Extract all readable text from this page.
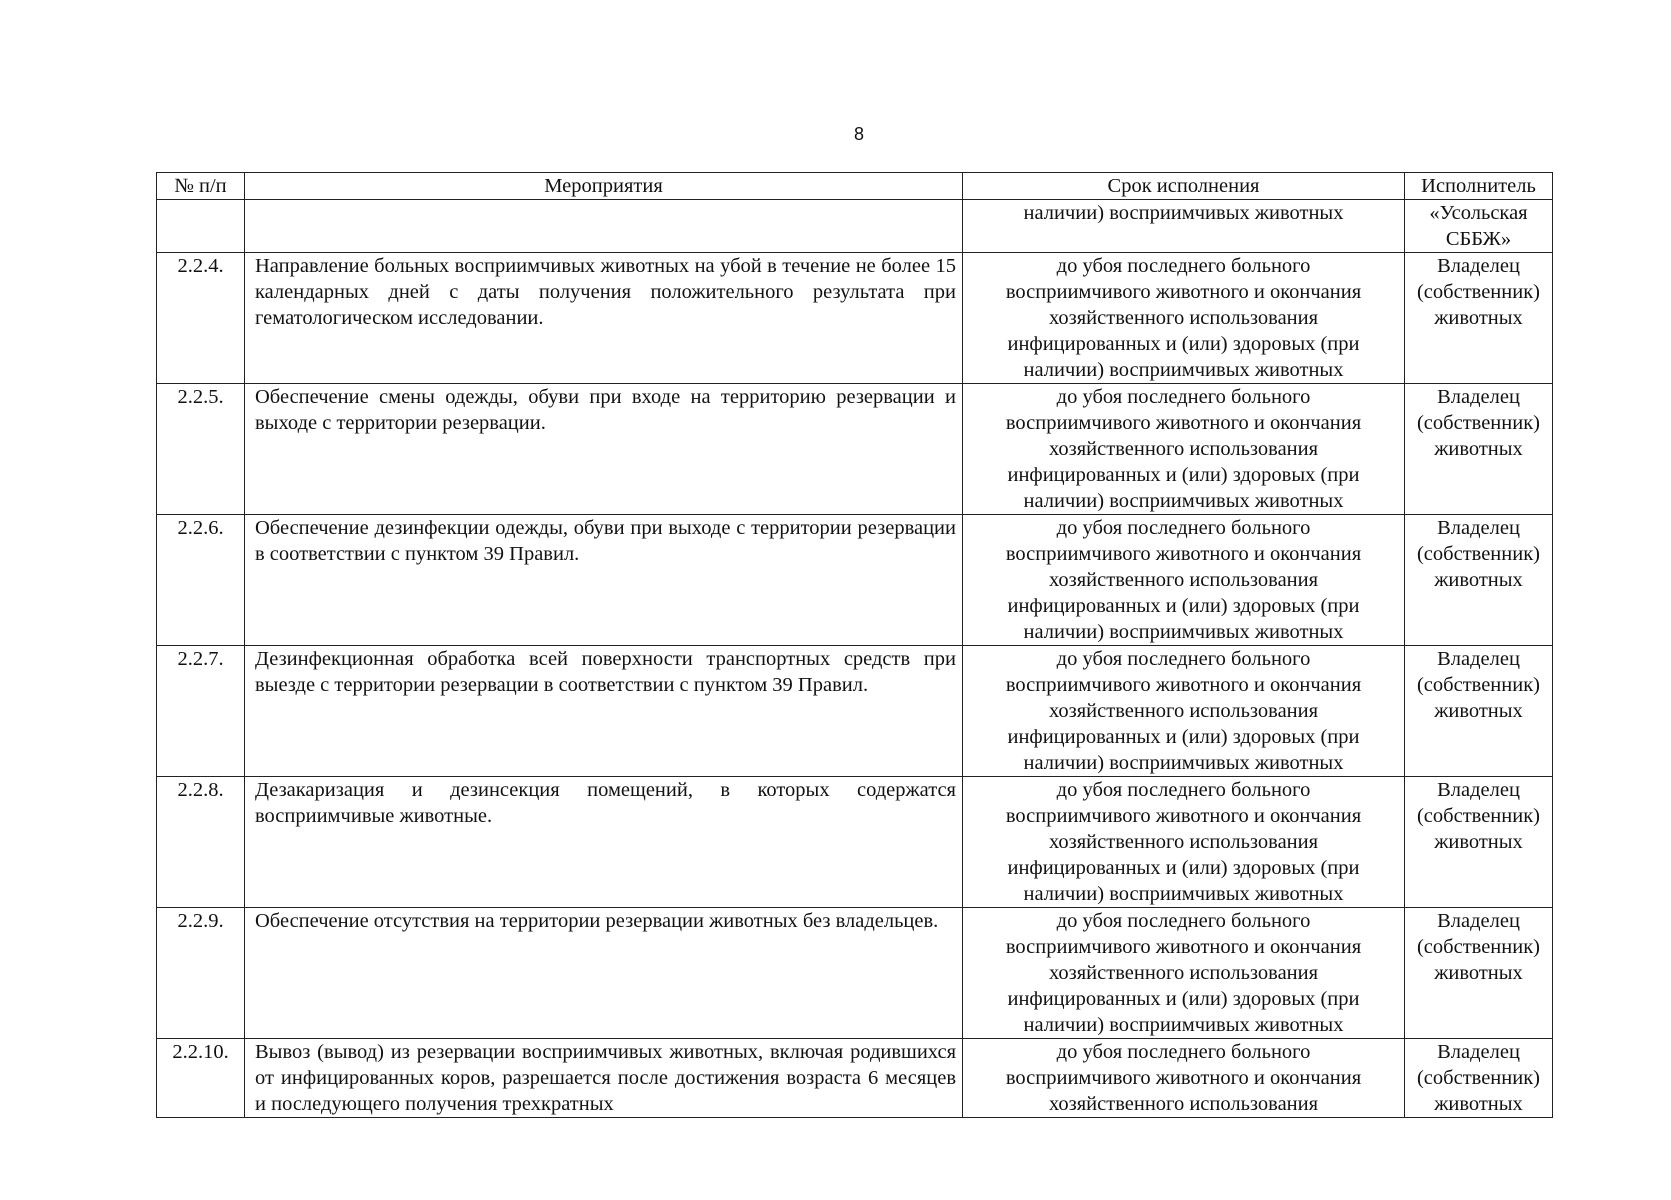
8
№ п/п	Мероприятия	Срок исполнения	Исполнитель
		наличии) восприимчивых животных	«Усольская
СББЖ»

2.2.4.	Направление больных восприимчивых животных на убой в течение не более 15 календарных дней с даты получения положительного результата при гематологическом исследовании.	до убоя последнего больного
восприимчивого животного и окончания
хозяйственного использования
инфицированных и (или) здоровых (при
наличии) восприимчивых животных	Владелец
(собственник)
животных

2.2.5.	Обеспечение смены одежды, обуви при входе на территорию резервации и выходе с территории резервации.	до убоя последнего больного
восприимчивого животного и окончания
хозяйственного использования
инфицированных и (или) здоровых (при
наличии) восприимчивых животных	Владелец
(собственник)
животных

2.2.6.	Обеспечение дезинфекции одежды, обуви при выходе с территории резервации в соответствии с пунктом 39 Правил.	до убоя последнего больного
восприимчивого животного и окончания
хозяйственного использования
инфицированных и (или) здоровых (при
наличии) восприимчивых животных	Владелец
(собственник)
животных

2.2.7.	Дезинфекционная обработка всей поверхности транспортных средств при выезде с территории резервации в соответствии с пунктом 39 Правил.	до убоя последнего больного
восприимчивого животного и окончания
хозяйственного использования
инфицированных и (или) здоровых (при
наличии) восприимчивых животных	Владелец
(собственник)
животных

2.2.8.	Дезакаризация и дезинсекция помещений, в которых содержатся восприимчивые животные.	до убоя последнего больного
восприимчивого животного и окончания
хозяйственного использования
инфицированных и (или) здоровых (при
наличии) восприимчивых животных	Владелец
(собственник)
животных

2.2.9.	Обеспечение отсутствия на территории резервации животных без владельцев.	до убоя последнего больного
восприимчивого животного и окончания
хозяйственного использования
инфицированных и (или) здоровых (при
наличии) восприимчивых животных	Владелец
(собственник)
животных

2.2.10.	Вывоз (вывод) из резервации восприимчивых животных, включая родившихся от инфицированных коров, разрешается после достижения возраста 6 месяцев и последующего получения трехкратных	до убоя последнего больного
восприимчивого животного и окончания
хозяйственного использования	Владелец
(собственник)
животных
